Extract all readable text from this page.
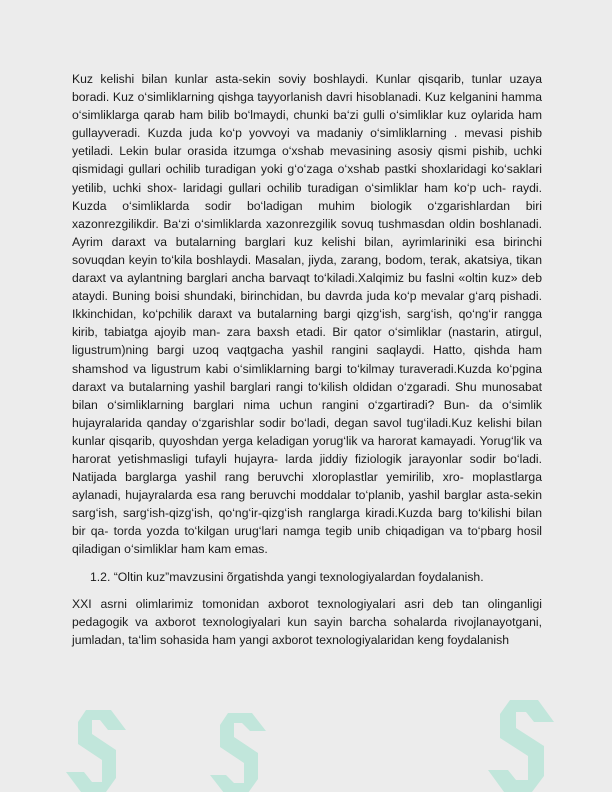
Kuz kelishi bilan kunlar asta-sekin soviy boshlaydi. Kunlar qisqarib, tunlar uzaya boradi. Kuz o‘simliklarning qishga tayyorlanish davri hisoblanadi. Kuz kelganini hamma o‘simliklarga qarab ham bilib bo‘lmaydi, chunki ba‘zi gulli o‘simliklar kuz oylarida ham gullayveradi. Kuzda juda ko‘p yovvoyi va madaniy o‘simliklarning . mevasi pishib yetiladi. Lekin bular orasida itzumga o‘xshab mevasining asosiy qismi pishib, uchki qismidagi gullari ochilib turadigan yoki g‘o‘zaga o‘xshab pastki shoxlaridagi ko‘saklari yetilib, uchki shox- laridagi gullari ochilib turadigan o‘simliklar ham ko‘p uch- raydi. Kuzda o‘simliklarda sodir bo‘ladigan muhim biologik o‘zgarishlardan biri xazonrezgilikdir. Ba‘zi o‘simliklarda xazonrezgilik sovuq tushmasdan oldin boshlanadi. Ayrim daraxt va butalarning barglari kuz kelishi bilan, ayrimlariniki esa birinchi sovuqdan keyin to‘kila boshlaydi. Masalan, jiyda, zarang, bodom, terak, akatsiya, tikan daraxt va aylantning barglari ancha barvaqt to‘kiladi.Xalqimiz bu faslni «oltin kuz» deb ataydi. Buning boisi shundaki, birinchidan, bu davrda juda ko‘p mevalar g‘arq pishadi. Ikkinchidan, ko‘pchilik daraxt va butalarning bargi qizg‘ish, sarg‘ish, qo‘ng‘ir rangga kirib, tabiatga ajoyib man- zara baxsh etadi. Bir qator o‘simliklar (nastarin, atirgul, ligustrum)ning bargi uzoq vaqtgacha yashil rangini saqlaydi. Hatto, qishda ham shamshod va ligustrum kabi o‘simliklarning bargi to‘kilmay turaveradi.Kuzda ko‘pgina daraxt va butalarning yashil barglari rangi to‘kilish oldidan o‘zgaradi. Shu munosabat bilan o‘simliklarning barglari nima uchun rangini o‘zgartiradi? Bun- da o‘simlik hujayralarida qanday o‘zgarishlar sodir bo‘ladi, degan savol tug‘iladi.Kuz kelishi bilan kunlar qisqarib, quyoshdan yerga keladigan yorug‘lik va harorat kamayadi. Yorug‘lik va harorat yetishmasligi tufayli hujayra- larda jiddiy fiziologik jarayonlar sodir bo‘ladi. Natijada barglarga yashil rang beruvchi xloroplastlar yemirilib, xro- moplastlarga aylanadi, hujayralarda esa rang beruvchi moddalar to‘planib, yashil barglar asta-sekin sarg‘ish, sarg‘ish-qizg‘ish, qo‘ng‘ir-qizg‘ish ranglarga kiradi.Kuzda barg to‘kilishi bilan bir qa- torda yozda to‘kilgan urug‘lari namga tegib unib chiqadigan va to‘pbarg hosil qiladigan o‘simliklar ham kam emas.

1.2. “Oltin kuz”mavzusini õrgatishda yangi texnologiyalardan foydalanish.

XXI asrni olimlarimiz tomonidan axborot texnologiyalari asri deb tan olinganligi pedagogik va axborot texnologiyalari kun sayin barcha sohalarda rivojlanayotgani, jumladan, ta‘lim sohasida ham yangi axborot texnologiyalaridan keng foydalanish
